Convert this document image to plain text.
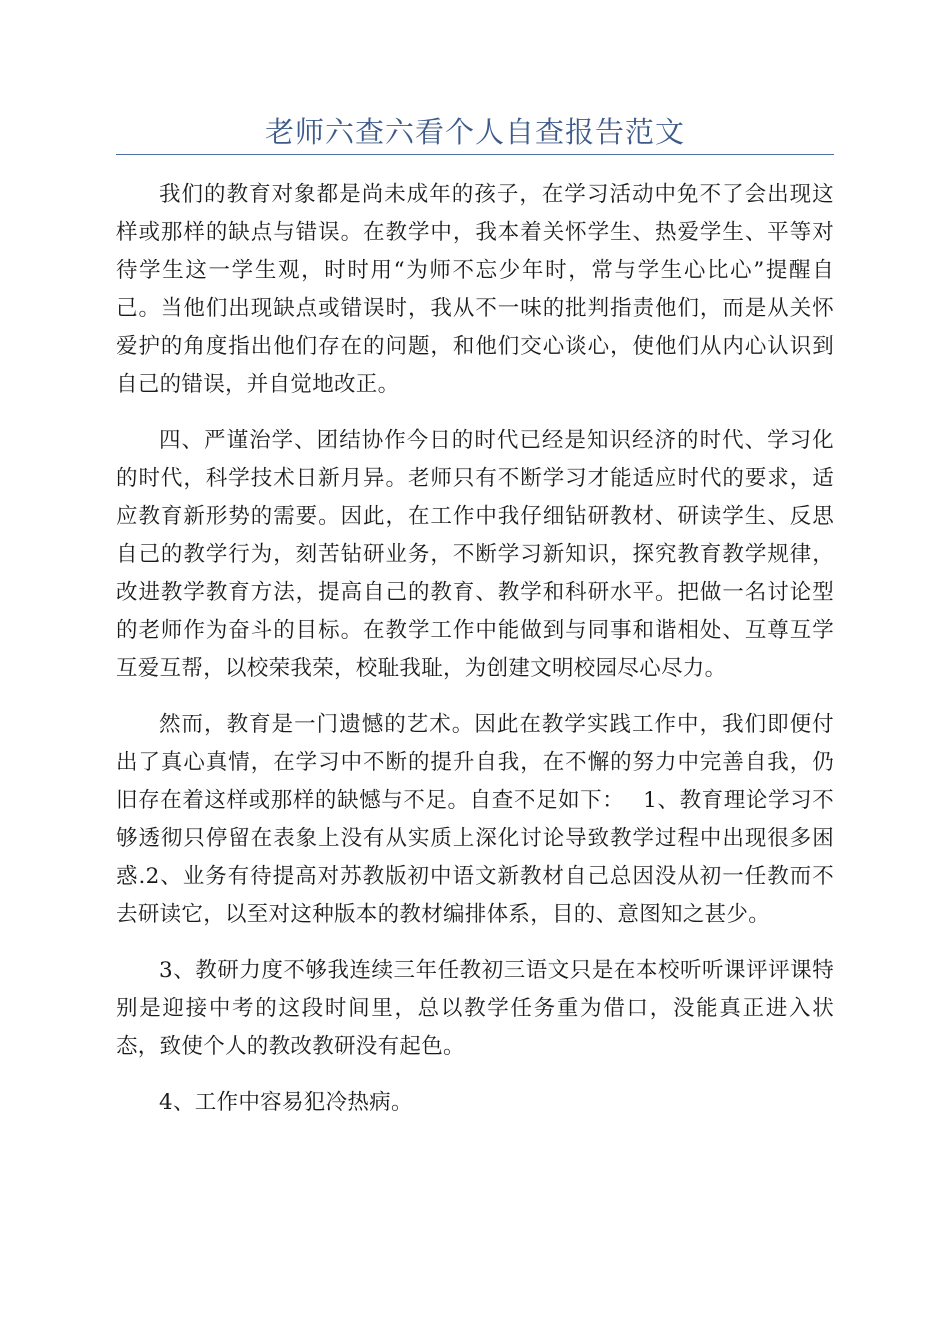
老师六查六看个人自查报告范文

我们的教育对象都是尚未成年的孩子，在学习活动中免不了会出现这样或那样的缺点与错误。在教学中，我本着关怀学生、热爱学生、平等对待学生这一学生观，时时用“为师不忘少年时，常与学生心比心”提醒自己。当他们出现缺点或错误时，我从不一味的批判指责他们，而是从关怀爱护的角度指出他们存在的问题，和他们交心谈心，使他们从内心认识到自己的错误，并自觉地改正。

四、严谨治学、团结协作今日的时代已经是知识经济的时代、学习化的时代，科学技术日新月异。老师只有不断学习才能适应时代的要求，适应教育新形势的需要。因此，在工作中我仔细钻研教材、研读学生、反思自己的教学行为，刻苦钻研业务，不断学习新知识，探究教育教学规律，改进教学教育方法，提高自己的教育、教学和科研水平。把做一名讨论型的老师作为奋斗的目标。在教学工作中能做到与同事和谐相处、互尊互学互爱互帮，以校荣我荣，校耻我耻，为创建文明校园尽心尽力。

然而，教育是一门遗憾的艺术。因此在教学实践工作中，我们即便付出了真心真情，在学习中不断的提升自我，在不懈的努力中完善自我，仍旧存在着这样或那样的缺憾与不足。自查不足如下：　 1、教育理论学习不够透彻只停留在表象上没有从实质上深化讨论导致教学过程中出现很多困惑.2、业务有待提高对苏教版初中语文新教材自己总因没从初一任教而不去研读它，以至对这种版本的教材编排体系，目的、意图知之甚少。

3、教研力度不够我连续三年任教初三语文只是在本校听听课评评课特别是迎接中考的这段时间里，总以教学任务重为借口，没能真正进入状态，致使个人的教改教研没有起色。

4、工作中容易犯冷热病。
